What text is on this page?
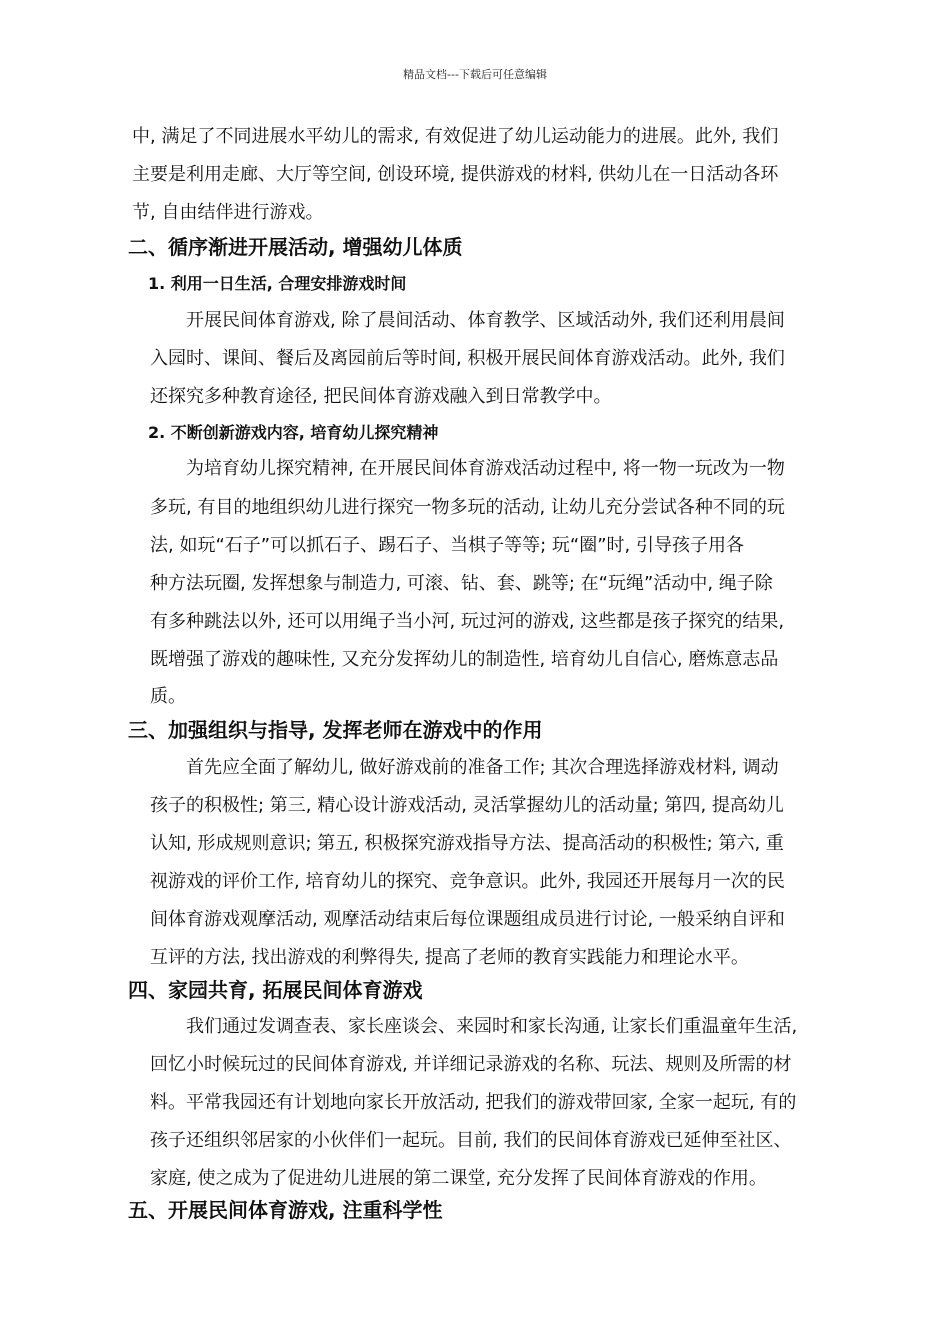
精品文档---下载后可任意编辑
中, 满足了不同进展水平幼儿的需求, 有效促进了幼儿运动能力的进展。此外, 我们
主要是利用走廊、大厅等空间, 创设环境, 提供游戏的材料, 供幼儿在一日活动各环
节, 自由结伴进行游戏。
二、循序渐进开展活动, 增强幼儿体质
1. 利用一日生活, 合理安排游戏时间
开展民间体育游戏, 除了晨间活动、体育教学、区域活动外, 我们还利用晨间
入园时、课间、餐后及离园前后等时间, 积极开展民间体育游戏活动。此外, 我们
还探究多种教育途径, 把民间体育游戏融入到日常教学中。
2. 不断创新游戏内容, 培育幼儿探究精神
为培育幼儿探究精神, 在开展民间体育游戏活动过程中, 将一物一玩改为一物
多玩, 有目的地组织幼儿进行探究一物多玩的活动, 让幼儿充分尝试各种不同的玩
法, 如玩“石子”可以抓石子、踢石子、当棋子等等; 玩“圈”时, 引导孩子用各
种方法玩圈, 发挥想象与制造力, 可滚、钻、套、跳等; 在“玩绳”活动中, 绳子除
有多种跳法以外, 还可以用绳子当小河, 玩过河的游戏, 这些都是孩子探究的结果,
既增强了游戏的趣味性, 又充分发挥幼儿的制造性, 培育幼儿自信心, 磨炼意志品
质。
三、加强组织与指导, 发挥老师在游戏中的作用
首先应全面了解幼儿, 做好游戏前的准备工作; 其次合理选择游戏材料, 调动
孩子的积极性; 第三, 精心设计游戏活动, 灵活掌握幼儿的活动量; 第四, 提高幼儿
认知, 形成规则意识; 第五, 积极探究游戏指导方法、提高活动的积极性; 第六, 重
视游戏的评价工作, 培育幼儿的探究、竞争意识。此外, 我园还开展每月一次的民
间体育游戏观摩活动, 观摩活动结束后每位课题组成员进行讨论, 一般采纳自评和
互评的方法, 找出游戏的利弊得失, 提高了老师的教育实践能力和理论水平。
四、家园共育, 拓展民间体育游戏
我们通过发调查表、家长座谈会、来园时和家长沟通, 让家长们重温童年生活,
回忆小时候玩过的民间体育游戏, 并详细记录游戏的名称、玩法、规则及所需的材
料。平常我园还有计划地向家长开放活动, 把我们的游戏带回家, 全家一起玩, 有的
孩子还组织邻居家的小伙伴们一起玩。目前, 我们的民间体育游戏已延伸至社区、
家庭, 使之成为了促进幼儿进展的第二课堂, 充分发挥了民间体育游戏的作用。
五、开展民间体育游戏, 注重科学性
